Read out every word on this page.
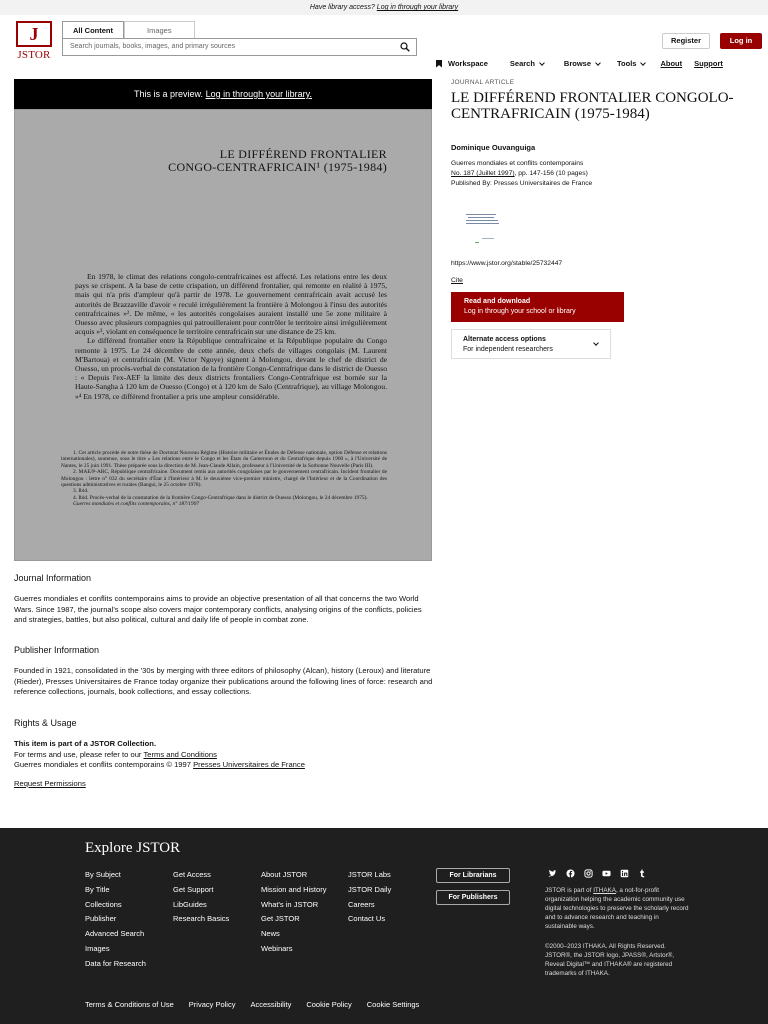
Have library access? Log in through your library
J
JSTOR
All Content	Images
Search journals, books, images, and primary sources
Register	Log in
Workspace	Search	Browse	Tools	About Support
This is a preview. Log in through your library.
LE DIFFÉREND FRONTALIER
CONGO-CENTRAFRICAIN¹ (1975-1984)

En 1978, le climat des relations congolo-centrafricaines est affecté. Les relations entre les deux pays se crispent. A la base de cette crispation, un différend frontalier, qui remonte en réalité à 1975, mais qui n'a pris d'ampleur qu'à partir de 1978. Le gouvernement centrafricain avait accusé les autorités de Brazzaville d'avoir « reculé irrégulièrement la frontière à Molongou à l'insu des autorités centrafricaines »². De même, « les autorités congolaises auraient installé une 5e zone militaire à Ouesso avec plusieurs compagnies qui patrouilleraient pour contrôler le territoire ainsi irrégulièrement acquis »³, violant en conséquence le territoire centrafricain sur une distance de 25 km.

Le différend frontalier entre la République centrafricaine et la République populaire du Congo remonte à 1975. Le 24 décembre de cette année, deux chefs de villages congolais (M. Laurent M'Bartoua) et centrafricain (M. Victor Ngoye) signent à Molongou, devant le chef de district de Ouesso, un procès-verbal de constatation de la frontière Congo-Centrafrique dans le district de Ouesso : « Depuis l'ex-AEF la limite des deux districts frontaliers Congo-Centrafrique est bornée sur la Haute-Sangha à 120 km de Ouesso (Congo) et à 120 km de Salo (Centrafrique), au village Molongou. »⁴ En 1978, ce différend frontalier a pris une ampleur considérable.

1. Cet article procède de notre thèse de Doctorat Nouveau Régime (Histoire militaire et Études de Défense nationale, option Défense et relations internationales), soutenue, sous le titre « Les relations entre le Congo et les États du Cameroun et du Centrafrique depuis 1960 », à l'Université de Nantes, le 25 juin 1991. Thèse préparée sous la direction de M. Jean-Claude Allain, professeur à l'Université de la Sorbonne Nouvelle (Paris III).

2. MAE/P-ARC, République centrafricaine. Document remis aux autorités congolaises par le gouvernement centrafricain. Incident frontalier de Molongou : lettre n° 032 du secrétaire d'État à l'Intérieur à M. le deuxième vice-premier ministre, chargé de l'Intérieur et de la Coordination des questions administratives et rurales (Bangui, le 25 octobre 1978).

3. Ibid.

4. Ibid. Procès-verbal de la constatation de la frontière Congo-Centrafrique dans le district de Ouesso (Molongou, le 24 décembre 1975).

Guerres mondiales et conflits contemporains, n° 187/1997

JOURNAL ARTICLE
LE DIFFÉREND FRONTALIER CONGOLO-CENTRAFRICAIN (1975-1984)
Dominique Ouvanguiga
Guerres mondiales et conflits contemporains
No. 187 (Juillet 1997), pp. 147-156 (10 pages)
Published By: Presses Universitaires de France
https://www.jstor.org/stable/25732447
Cite
Read and download
Log in through your school or library
Alternate access options
For independent researchers
Journal Information
Guerres mondiales et conflits contemporains aims to provide an objective presentation of all that concerns the two World Wars. Since 1987, the journal's scope also covers major contemporary conflicts, analysing origins of the conflicts, policies and strategies, battles, but also political, cultural and daily life of people in combat zone.
Publisher Information
Founded in 1921, consolidated in the '30s by merging with three editors of philosophy (Alcan), history (Leroux) and literature (Rieder), Presses Universitaires de France today organize their publications around the following lines of force: research and reference collections, journals, book collections, and essay collections.
Rights & Usage
This item is part of a JSTOR Collection.
For terms and use, please refer to our Terms and Conditions
Guerres mondiales et conflits contemporains © 1997 Presses Universitaires de France
Request Permissions
Explore JSTOR
By Subject
By Title
Collections
Publisher
Advanced Search
Images
Data for Research
Get Access
Get Support
LibGuides
Research Basics
About JSTOR
Mission and History
What's in JSTOR
Get JSTOR
News
Webinars
JSTOR Labs
JSTOR Daily
Careers
Contact Us
For Librarians
For Publishers
JSTOR is part of ITHAKA, a not-for-profit organization helping the academic community use digital technologies to preserve the scholarly record and to advance research and teaching in sustainable ways.
©2000–2023 ITHAKA. All Rights Reserved. JSTOR®, the JSTOR logo, JPASS®, Artstor®, Reveal Digital™ and ITHAKA® are registered trademarks of ITHAKA.
Terms & Conditions of Use Privacy Policy Accessibility Cookie Policy Cookie Settings
